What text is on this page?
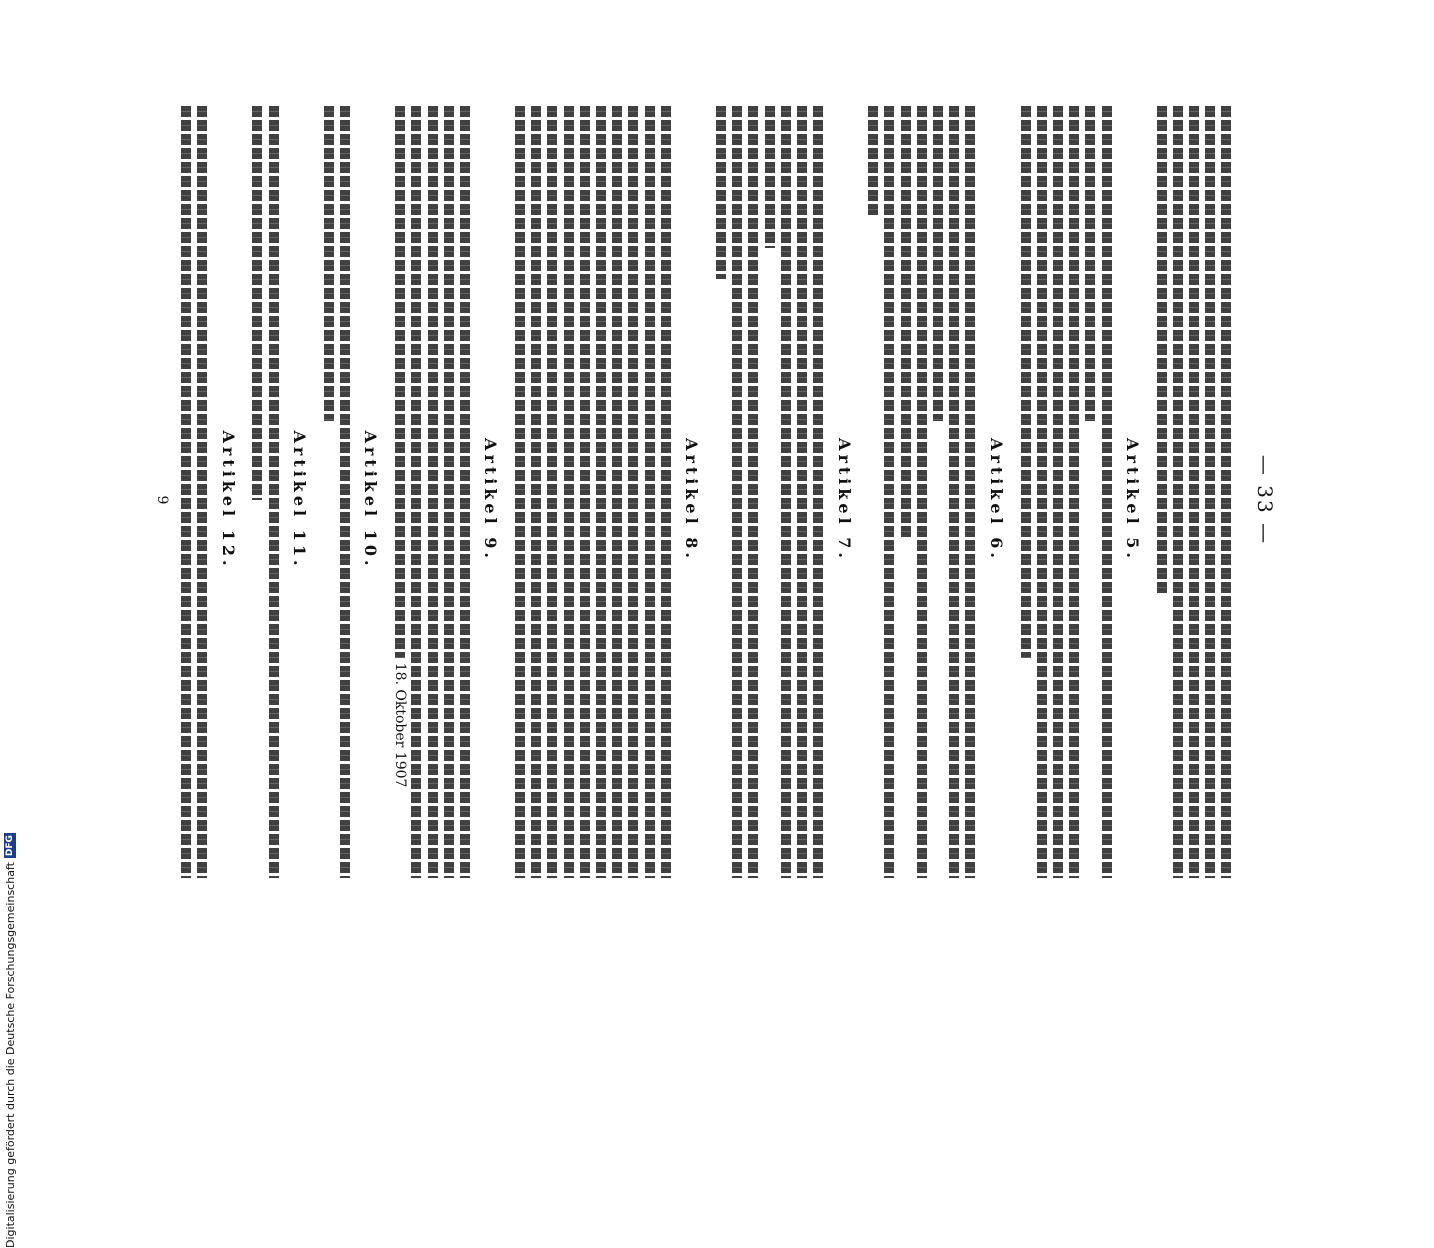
Digitalisierung gefördert durch die Deutsche Forschungsgemeinschaft
DFG
— 33 —
Artikel 5.
Artikel 6.
Artikel 7.
Artikel 8.
Artikel 9.
18. Oktober 1907
Artikel 10.
Artikel 11.
Artikel 12.
9
